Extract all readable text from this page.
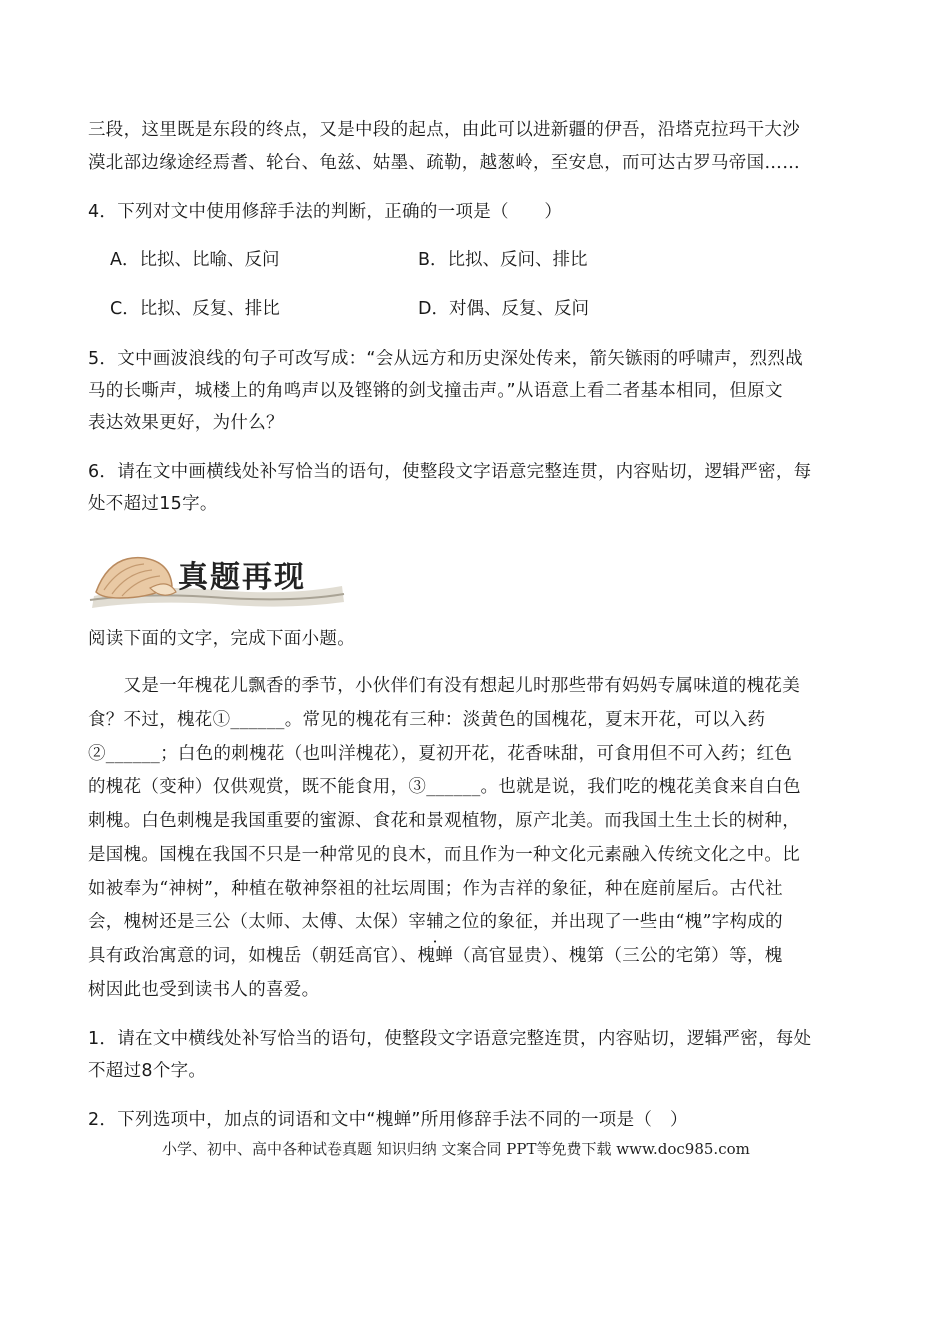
三段，这里既是东段的终点，又是中段的起点，由此可以进新疆的伊吾，沿塔克拉玛干大沙
漠北部边缘途经焉耆、轮台、龟兹、姑墨、疏勒，越葱岭，至安息，而可达古罗马帝国……
4．下列对文中使用修辞手法的判断，正确的一项是（　　）
A．比拟、比喻、反问	B．比拟、反问、排比
C．比拟、反复、排比	D．对偶、反复、反问
5．文中画波浪线的句子可改写成：“会从远方和历史深处传来，箭矢镞雨的呼啸声，烈烈战
马的长嘶声，城楼上的角鸣声以及铿锵的剑戈撞击声。”从语意上看二者基本相同，但原文
表达效果更好，为什么？
6．请在文中画横线处补写恰当的语句，使整段文字语意完整连贯，内容贴切，逻辑严密，每
处不超过15字。
真题再现
阅读下面的文字，完成下面小题。
　　又是一年槐花儿飘香的季节，小伙伴们有没有想起儿时那些带有妈妈专属味道的槐花美
食？不过，槐花①______。常见的槐花有三种：淡黄色的国槐花，夏末开花，可以入药
②______；白色的刺槐花（也叫洋槐花），夏初开花，花香味甜，可食用但不可入药；红色
的槐花（变种）仅供观赏，既不能食用，③______。也就是说，我们吃的槐花美食来自白色
刺槐。白色刺槐是我国重要的蜜源、食花和景观植物，原产北美。而我国土生土长的树种，
是国槐。国槐在我国不只是一种常见的良木，而且作为一种文化元素融入传统文化之中。比
如被奉为“神树”，种植在敬神祭祖的社坛周围；作为吉祥的象征，种在庭前屋后。古代社
会，槐树还是三公（太师、太傅、太保）宰辅之位的象征，并出现了一些由“槐”字构成的
具有政治寓意的词，如槐岳（朝廷高官）、槐蝉（高官显贵）、槐第（三公的宅第）等，槐
树因此也受到读书人的喜爱。
1．请在文中横线处补写恰当的语句，使整段文字语意完整连贯，内容贴切，逻辑严密，每处
不超过8个字。
2．下列选项中，加点的词语和文中“槐蝉”所用修辞手法不同的一项是（　）
小学、初中、高中各种试卷真题 知识归纳 文案合同 PPT等免费下载 www.doc985.com
